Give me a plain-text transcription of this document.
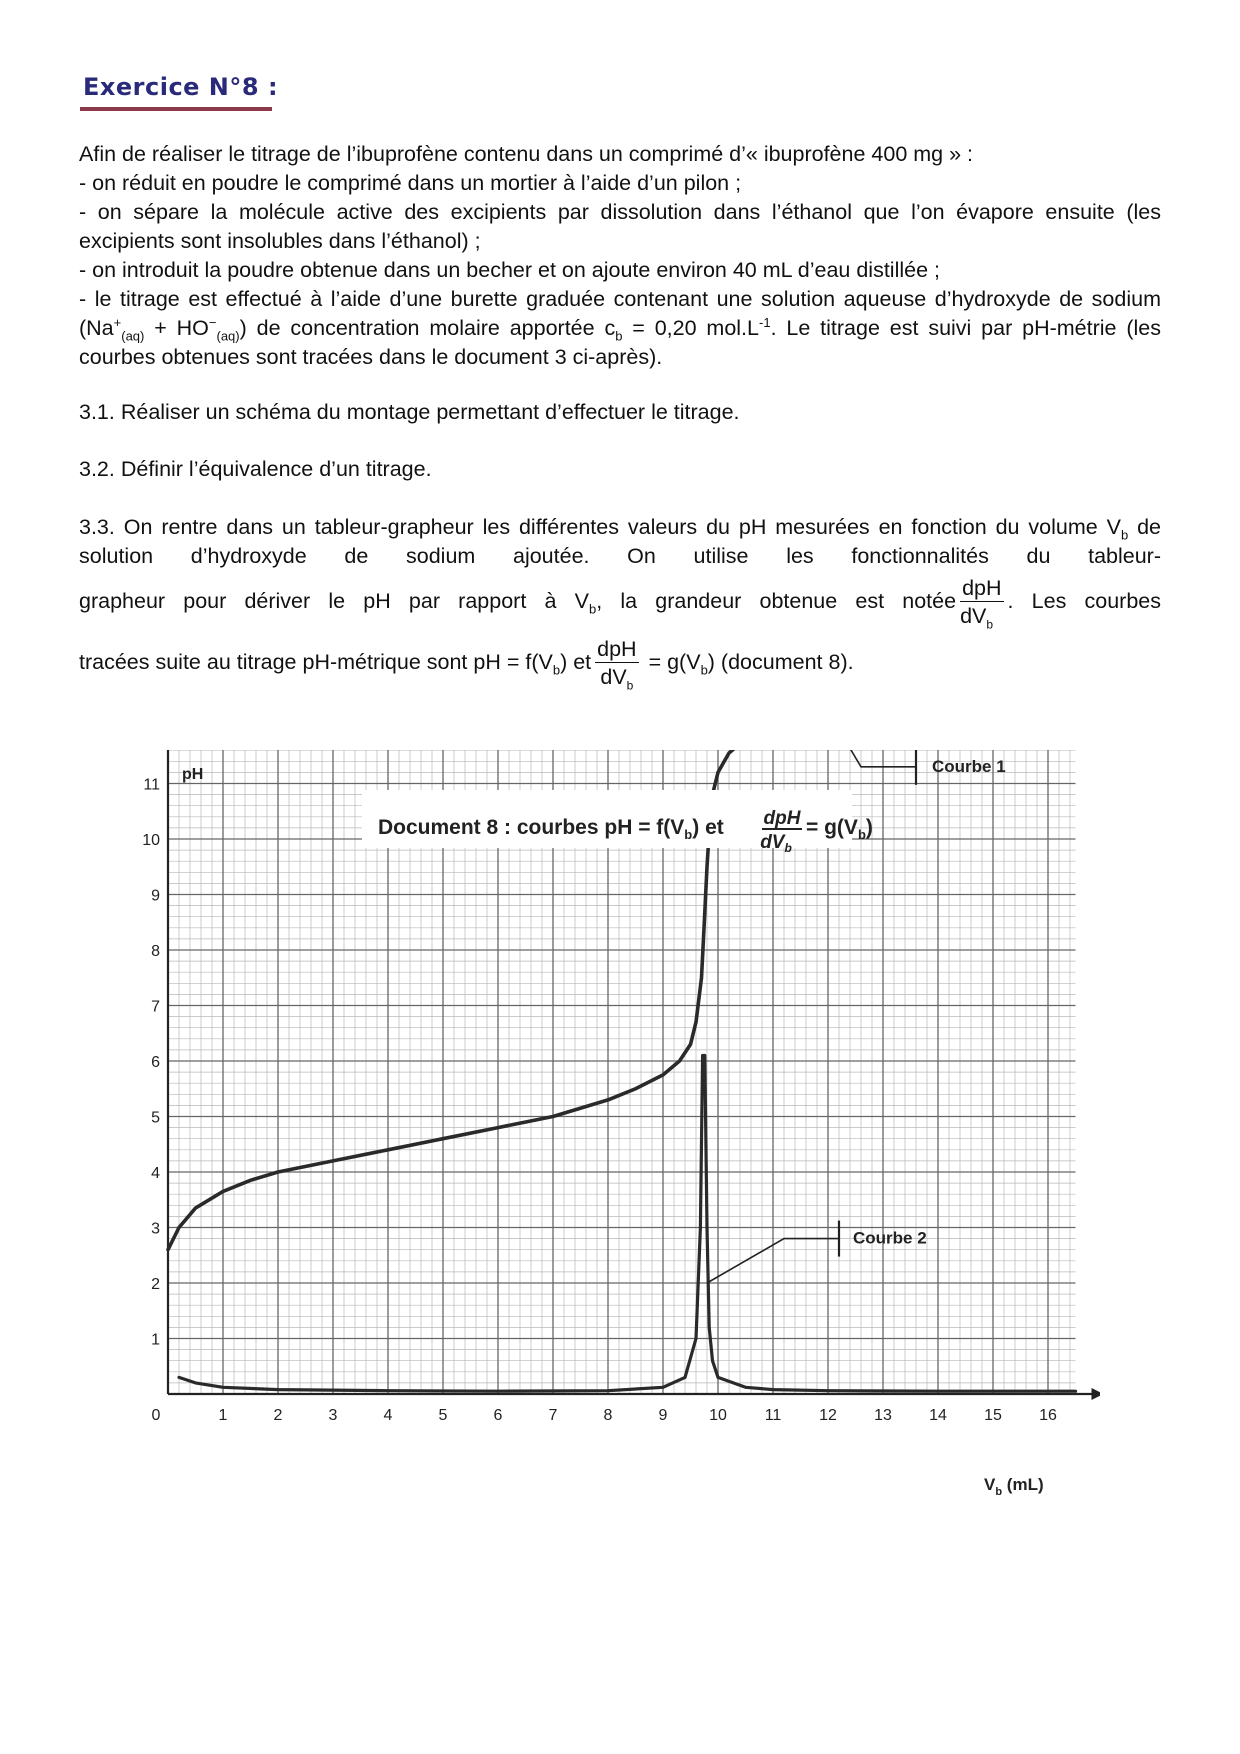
Exercice N°8 :
Afin de réaliser le titrage de l’ibuprofène contenu dans un comprimé d’« ibuprofène 400 mg » :
- on réduit en poudre le comprimé dans un mortier à l’aide d’un pilon ;
- on sépare la molécule active des excipients par dissolution dans l’éthanol que l’on évapore ensuite (les excipients sont insolubles dans l’éthanol) ;
- on introduit la poudre obtenue dans un becher et on ajoute environ 40 mL d’eau distillée ;
- le titrage est effectué à l’aide d’une burette graduée contenant une solution aqueuse d’hydroxyde de sodium $(Na^+_{(aq)} + HO^-_{(aq)})$ de concentration molaire apportée $c_b = 0,20$ $mol.L^{-1}$. Le titrage est suivi par pH-métrie (les courbes obtenues sont tracées dans le document 3 ci-après).
3.1. Réaliser un schéma du montage permettant d’effectuer le titrage.
3.2. Définir l’équivalence d’un titrage.
3.3. On rentre dans un tableur-grapheur les différentes valeurs du pH mesurées en fonction du volume $V_b$ de solution d’hydroxyde de sodium ajoutée. On utilise les fonctionnalités du tableur-
grapheur pour dériver le pH par rapport à $V_b$, la grandeur obtenue est notée $\frac{\text{dpH}}{dV_b}$ . Les courbes
tracées suite au titrage pH-métrique sont pH = $f(V_b)$ et $\frac{\text{dpH}}{dV_b} = g(V_b)$ (document 8).
0	1	2	3	4	5	6	7	8	9	10 11 12 13 14 15 16
1
2
3
4
5
6
7
8
9
10
11
Courbe 1
Courbe 2
Document 8 : courbes pH = $f(V_b)$ et dpH
$dV_b$
= $g(V_b)$
pH
$V_b$ (mL)
